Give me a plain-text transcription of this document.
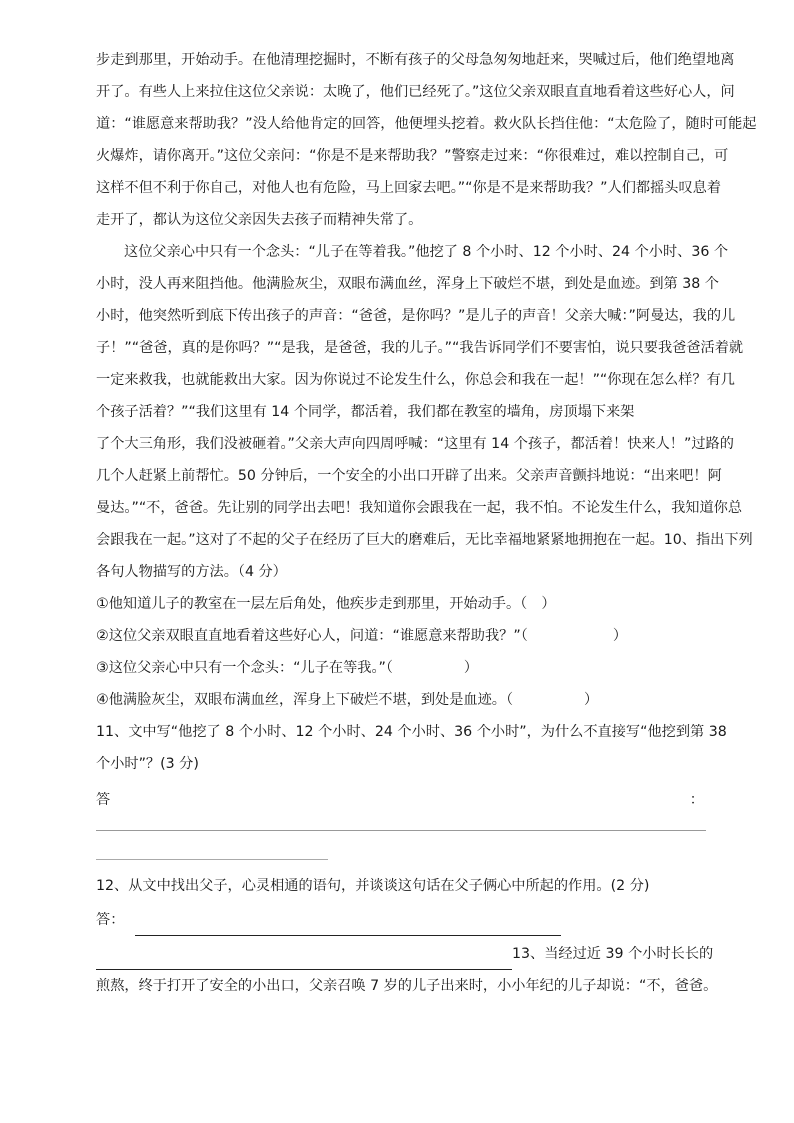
步走到那里，开始动手。在他清理挖掘时，不断有孩子的父母急匆匆地赶来，哭喊过后，他们绝望地离

开了。有些人上来拉住这位父亲说：太晚了，他们已经死了。”这位父亲双眼直直地看着这些好心人，问

道：“谁愿意来帮助我？”没人给他肯定的回答，他便埋头挖着。救火队长挡住他：“太危险了，随时可能起

火爆炸，请你离开。”这位父亲问：“你是不是来帮助我？”警察走过来：“你很难过，难以控制自己，可

这样不但不利于你自己，对他人也有危险，马上回家去吧。”“你是不是来帮助我？”人们都摇头叹息着

走开了，都认为这位父亲因失去孩子而精神失常了。

这位父亲心中只有一个念头：“儿子在等着我。”他挖了 8 个小时、12 个小时、24 个小时、36 个

小时，没人再来阻挡他。他满脸灰尘，双眼布满血丝，浑身上下破烂不堪，到处是血迹。到第 38 个

小时，他突然听到底下传出孩子的声音：“爸爸，是你吗？”是儿子的声音！父亲大喊：”阿曼达，我的儿

子！”“爸爸，真的是你吗？”“是我，是爸爸，我的儿子。”“我告诉同学们不要害怕，说只要我爸爸活着就

一定来救我，也就能救出大家。因为你说过不论发生什么，你总会和我在一起！”“你现在怎么样？有几

个孩子活着？”“我们这里有 14 个同学，都活着，我们都在教室的墙角，房顶塌下来架

了个大三角形，我们没被砸着。”父亲大声向四周呼喊：“这里有 14 个孩子，都活着！快来人！”过路的

几个人赶紧上前帮忙。50 分钟后，一个安全的小出口开辟了出来。父亲声音颤抖地说：“出来吧！阿

曼达。”“不，爸爸。先让别的同学出去吧！我知道你会跟我在一起，我不怕。不论发生什么，我知道你总

会跟我在一起。”这对了不起的父子在经历了巨大的磨难后，无比幸福地紧紧地拥抱在一起。10、指出下列

各句人物描写的方法。（4 分）

①他知道儿子的教室在一层左后角处，他疾步走到那里，开始动手。（　）

②这位父亲双眼直直地看着这些好心人，问道：“谁愿意来帮助我？”（　　　　　　）

③这位父亲心中只有一个念头：“儿子在等我。”（　　　　　）

④他满脸灰尘，双眼布满血丝，浑身上下破烂不堪，到处是血迹。（　　　　　）

11、文中写“他挖了 8 个小时、12 个小时、24 个小时、36 个小时”，为什么不直接写“他挖到第 38

个小时”？(3 分)

答	：

12、从文中找出父子，心灵相通的语句，并谈谈这句话在父子俩心中所起的作用。(2 分)

答：
13、当经过近 39 个小时长长的

煎熬，终于打开了安全的小出口，父亲召唤 7 岁的儿子出来时，小小年纪的儿子却说：“不，爸爸。
